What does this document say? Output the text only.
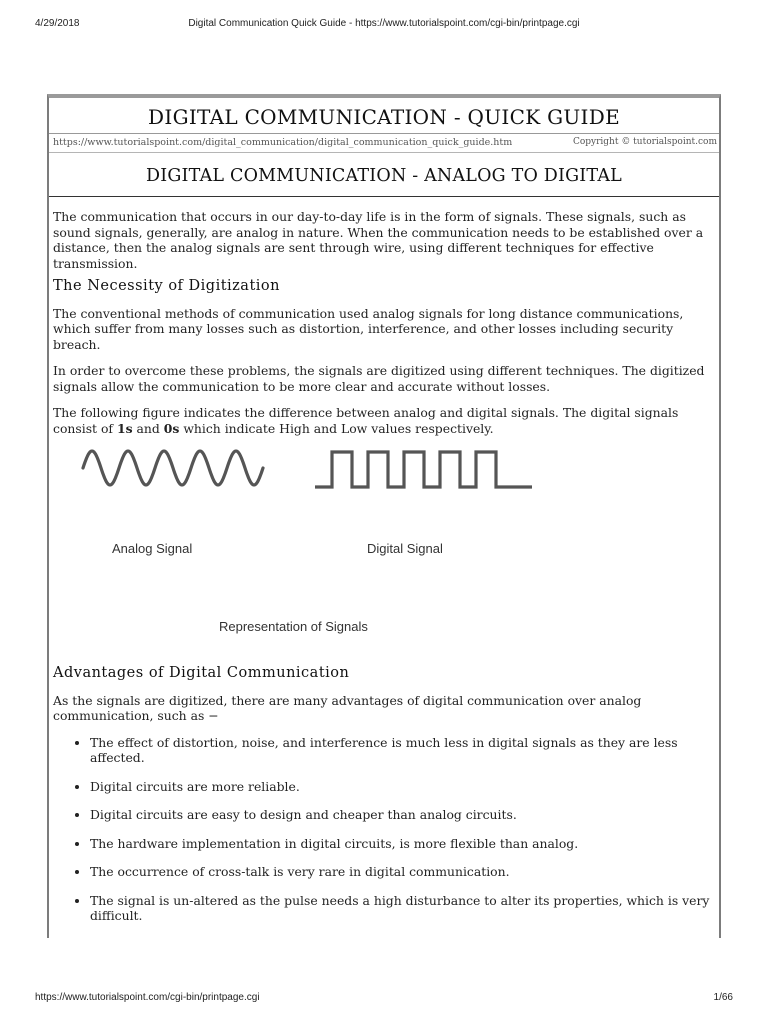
4/29/2018	Digital Communication Quick Guide - https://www.tutorialspoint.com/cgi-bin/printpage.cgi
DIGITAL COMMUNICATION - QUICK GUIDE
https://www.tutorialspoint.com/digital_communication/digital_communication_quick_guide.htm	Copyright © tutorialspoint.com
DIGITAL COMMUNICATION - ANALOG TO DIGITAL

The communication that occurs in our day-to-day life is in the form of signals. These signals, such as sound signals, generally, are analog in nature. When the communication needs to be established over a distance, then the analog signals are sent through wire, using different techniques for effective transmission.

The Necessity of Digitization

The conventional methods of communication used analog signals for long distance communications, which suffer from many losses such as distortion, interference, and other losses including security breach.

In order to overcome these problems, the signals are digitized using different techniques. The digitized signals allow the communication to be more clear and accurate without losses.

The following figure indicates the difference between analog and digital signals. The digital signals consist of 1s and 0s which indicate High and Low values respectively.

Analog Signal	Digital Signal
Representation of Signals
Advantages of Digital Communication

As the signals are digitized, there are many advantages of digital communication over analog communication, such as −

• The effect of distortion, noise, and interference is much less in digital signals as they are less affected.
• Digital circuits are more reliable.
• Digital circuits are easy to design and cheaper than analog circuits.
• The hardware implementation in digital circuits, is more flexible than analog.
• The occurrence of cross-talk is very rare in digital communication.
• The signal is un-altered as the pulse needs a high disturbance to alter its properties, which is very difficult.
https://www.tutorialspoint.com/cgi-bin/printpage.cgi	1/66
